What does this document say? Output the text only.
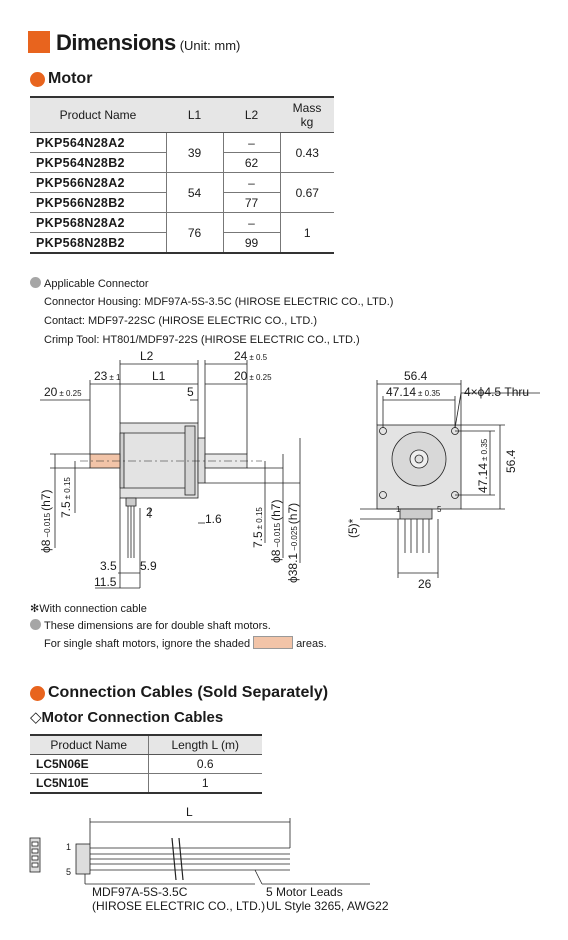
Dimensions (Unit: mm)
Motor
Product Name	L1	L2	Mass
kg
PKP564N28A2	39	–	0.43
PKP564N28B2		62	
PKP566N28A2	54	–	0.67
PKP566N28B2		77	
PKP568N28A2	76	–	1
PKP568N28B2		99	
Applicable Connector
Connector Housing: MDF97A-5S-3.5C (HIROSE ELECTRIC CO., LTD.)
Contact: MDF97-22SC (HIROSE ELECTRIC CO., LTD.)
Crimp Tool: HT801/MDF97-22S (HIROSE ELECTRIC CO., LTD.)
L2
L1
23 ± 1
24 ± 0.5
20 ± 0.25
20 ± 0.25	5
2	1.6
3.5 5.9
11.5
56.4
47.14 ± 0.35 4×ϕ4.5 Thru
26
1	5
ϕ8−0.015(h7) 7.5± 0.15
7.5± 0.15
ϕ8−0.015(h7)
ϕ38.1−0.025(h7)
47.14± 0.35 56.4
(5)*
✻With connection cable
These dimensions are for double shaft motors.
For single shaft motors, ignore the shaded	areas.
Connection Cables (Sold Separately)
◇Motor Connection Cables
Product Name	Length L (m)
LC5N06E	0.6
LC5N10E	1
L
1
5
MDF97A-5S-3.5C
(HIROSE ELECTRIC CO., LTD.)
5 Motor Leads
UL Style 3265, AWG22
